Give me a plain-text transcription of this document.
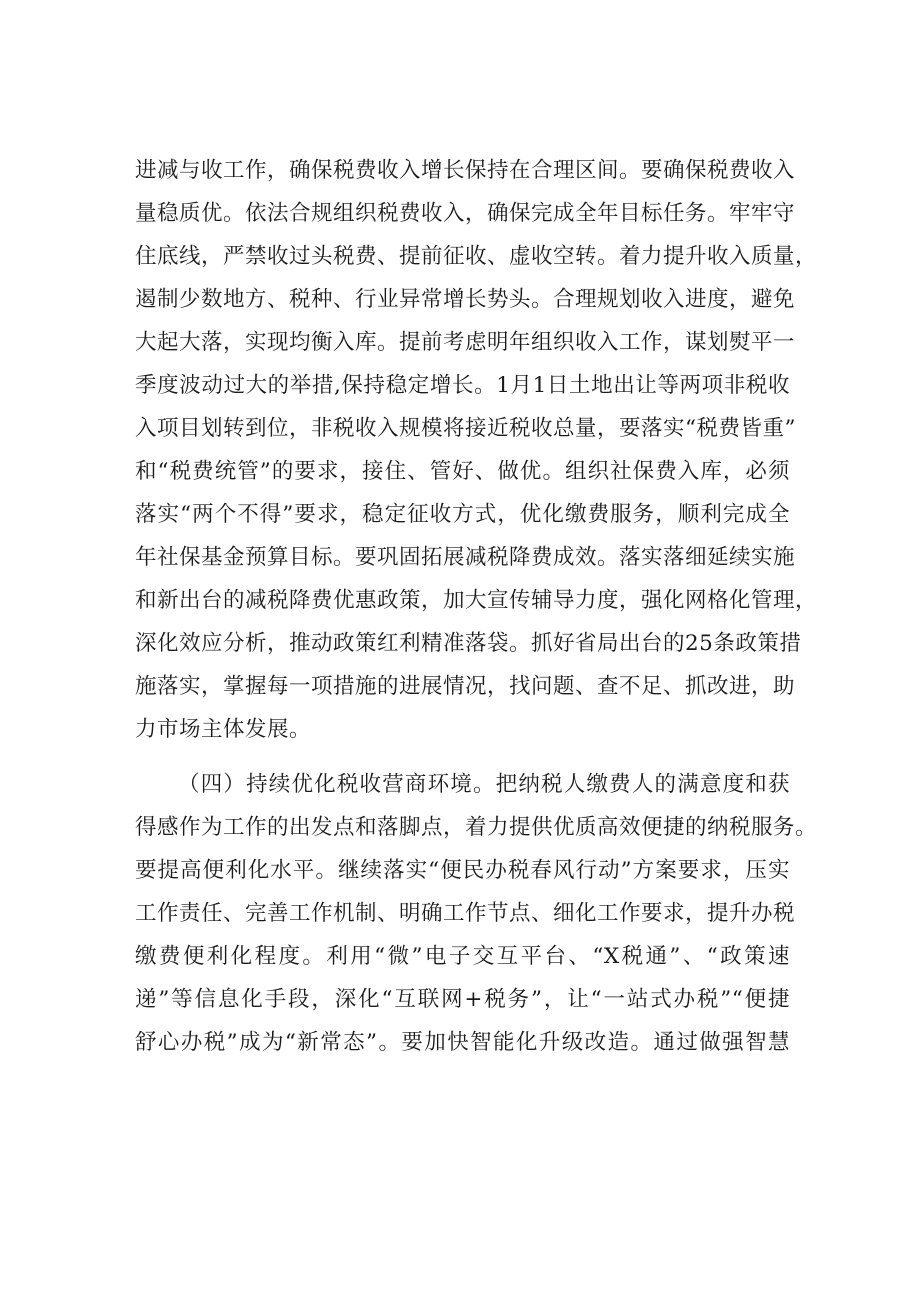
进减与收工作，确保税费收入增长保持在合理区间。要确保税费收入
量稳质优。依法合规组织税费收入，确保完成全年目标任务。牢牢守
住底线，严禁收过头税费、提前征收、虚收空转。着力提升收入质量，
遏制少数地方、税种、行业异常增长势头。合理规划收入进度，避免
大起大落，实现均衡入库。提前考虑明年组织收入工作，谋划熨平一
季度波动过大的举措,保持稳定增长。1月1日土地出让等两项非税收
入项目划转到位，非税收入规模将接近税收总量，要落实“税费皆重”
和“税费统管”的要求，接住、管好、做优。组织社保费入库，必须
落实“两个不得”要求，稳定征收方式，优化缴费服务，顺利完成全
年社保基金预算目标。要巩固拓展减税降费成效。落实落细延续实施
和新出台的减税降费优惠政策，加大宣传辅导力度，强化网格化管理，
深化效应分析，推动政策红利精准落袋。抓好省局出台的25条政策措
施落实，掌握每一项措施的进展情况，找问题、查不足、抓改进，助
力市场主体发展。
（四）持续优化税收营商环境。把纳税人缴费人的满意度和获
得感作为工作的出发点和落脚点，着力提供优质高效便捷的纳税服务。
要提高便利化水平。继续落实“便民办税春风行动”方案要求，压实
工作责任、完善工作机制、明确工作节点、细化工作要求，提升办税
缴费便利化程度。利用“微”电子交互平台、“X税通”、“政策速
递”等信息化手段，深化“互联网+税务”，让“一站式办税”“便捷
舒心办税”成为“新常态”。要加快智能化升级改造。通过做强智慧
